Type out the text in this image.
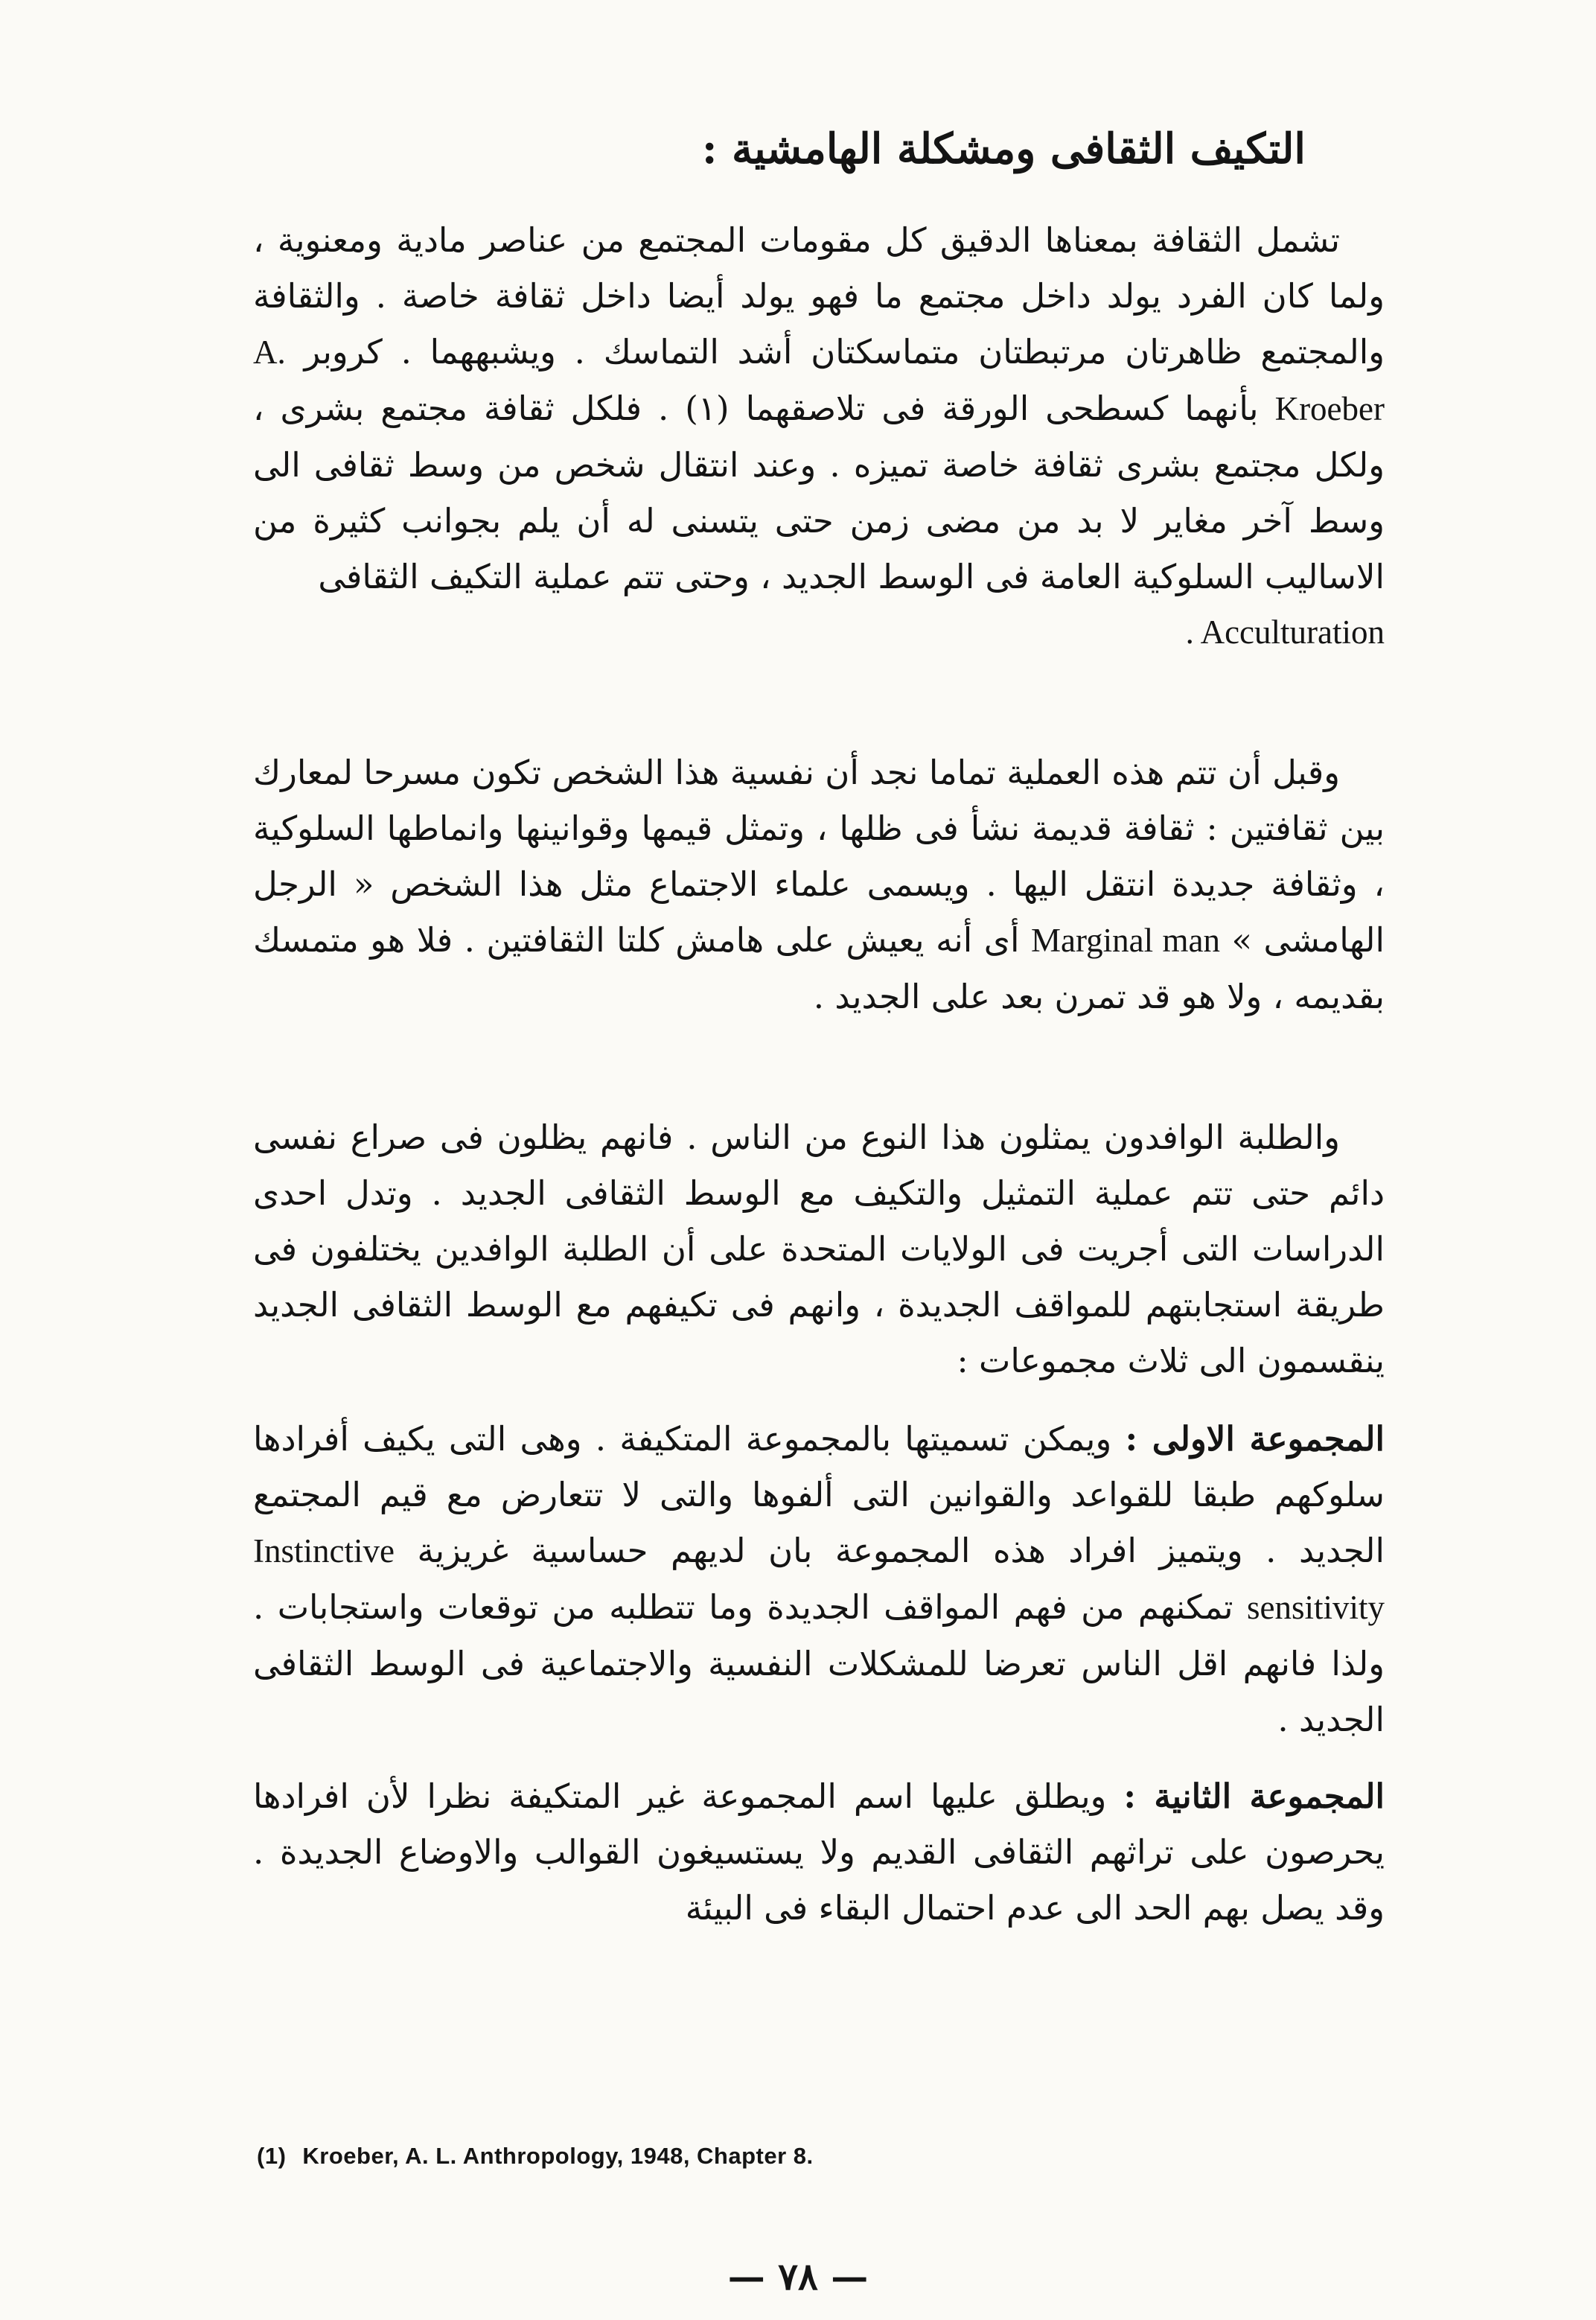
التكيف الثقافى ومشكلة الهامشية :

تشمل الثقافة بمعناها الدقيق كل مقومات المجتمع من عناصر مادية ومعنوية ، ولما كان الفرد يولد داخل مجتمع ما فهو يولد أيضا داخل ثقافة خاصة . والثقافة والمجتمع ظاهرتان مرتبطتان متماسكتان أشد التماسك . ويشبههما . كروبر A. Kroeber بأنهما كسطحى الورقة فى تلاصقهما (١) . فلكل ثقافة مجتمع بشرى ، ولكل مجتمع بشرى ثقافة خاصة تميزه . وعند انتقال شخص من وسط ثقافى الى وسط آخر مغاير لا بد من مضى زمن حتى يتسنى له أن يلم بجوانب كثيرة من الاساليب السلوكية العامة فى الوسط الجديد ، وحتى تتم عملية التكيف الثقافى

. Acculturation

وقبل أن تتم هذه العملية تماما نجد أن نفسية هذا الشخص تكون مسرحا لمعارك بين ثقافتين : ثقافة قديمة نشأ فى ظلها ، وتمثل قيمها وقوانينها وانماطها السلوكية ، وثقافة جديدة انتقل اليها . ويسمى علماء الاجتماع مثل هذا الشخص « الرجل الهامشى » Marginal man أى أنه يعيش على هامش كلتا الثقافتين . فلا هو متمسك بقديمه ، ولا هو قد تمرن بعد على الجديد .

والطلبة الوافدون يمثلون هذا النوع من الناس . فانهم يظلون فى صراع نفسى دائم حتى تتم عملية التمثيل والتكيف مع الوسط الثقافى الجديد . وتدل احدى الدراسات التى أجريت فى الولايات المتحدة على أن الطلبة الوافدين يختلفون فى طريقة استجابتهم للمواقف الجديدة ، وانهم فى تكيفهم مع الوسط الثقافى الجديد ينقسمون الى ثلاث مجموعات :

المجموعة الاولى : ويمكن تسميتها بالمجموعة المتكيفة . وهى التى يكيف أفرادها سلوكهم طبقا للقواعد والقوانين التى ألفوها والتى لا تتعارض مع قيم المجتمع الجديد . ويتميز افراد هذه المجموعة بان لديهم حساسية غريزية Instinctive sensitivity تمكنهم من فهم المواقف الجديدة وما تتطلبه من توقعات واستجابات . ولذا فانهم اقل الناس تعرضا للمشكلات النفسية والاجتماعية فى الوسط الثقافى الجديد .

المجموعة الثانية : ويطلق عليها اسم المجموعة غير المتكيفة نظرا لأن افرادها يحرصون على تراثهم الثقافى القديم ولا يستسيغون القوالب والاوضاع الجديدة . وقد يصل بهم الحد الى عدم احتمال البقاء فى البيئة

(1) Kroeber, A. L. Anthropology, 1948, Chapter 8.
— ٧٨ —
